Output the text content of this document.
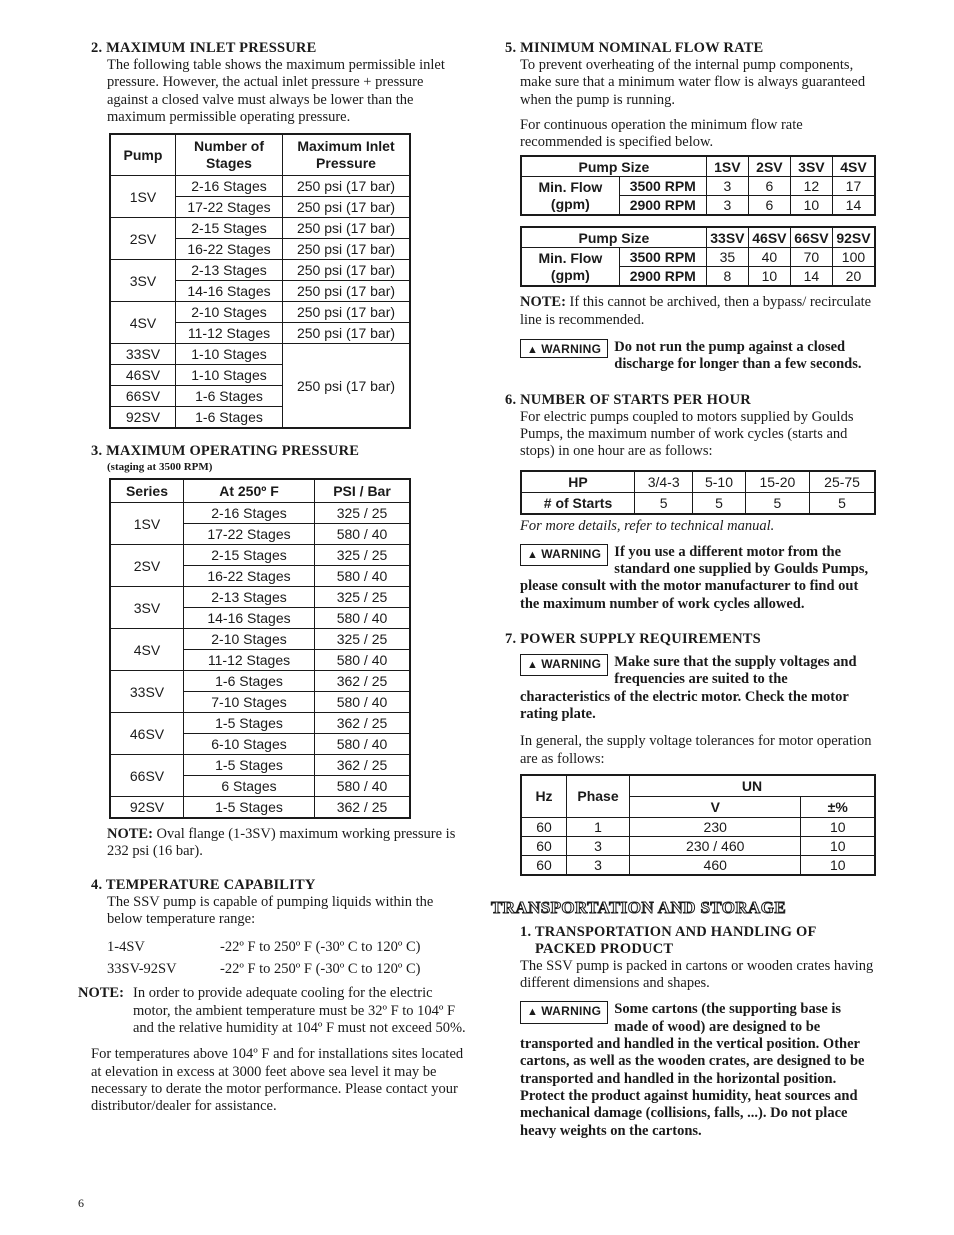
2. MAXIMUM INLET PRESSURE

The following table shows the maximum permissible inlet pressure. However, the actual inlet pressure + pressure against a closed valve must always be lower than the maximum permissible operating pressure.

Pump	Number of Stages	Maximum Inlet Pressure
1SV	2-16 Stages	250 psi (17 bar)
	17-22 Stages	250 psi (17 bar)
2SV	2-15 Stages	250 psi (17 bar)
	16-22 Stages	250 psi (17 bar)
3SV	2-13 Stages	250 psi (17 bar)
	14-16 Stages	250 psi (17 bar)
4SV	2-10 Stages	250 psi (17 bar)
	11-12 Stages	250 psi (17 bar)
33SV	1-10 Stages	250 psi (17 bar)
46SV	1-10 Stages	
66SV	1-6 Stages	
92SV	1-6 Stages	
3. MAXIMUM OPERATING PRESSURE

(staging at 3500 RPM)

Series	At 250º F	PSI / Bar
1SV	2-16 Stages	325 / 25
	17-22 Stages	580 / 40
2SV	2-15 Stages	325 / 25
	16-22 Stages	580 / 40
3SV	2-13 Stages	325 / 25
	14-16 Stages	580 / 40
4SV	2-10 Stages	325 / 25
	11-12 Stages	580 / 40
33SV	1-6 Stages	362 / 25
	7-10 Stages	580 / 40
46SV	1-5 Stages	362 / 25
	6-10 Stages	580 / 40
66SV	1-5 Stages	362 / 25
	6 Stages	580 / 40
92SV	1-5 Stages	362 / 25

NOTE: Oval flange (1-3SV) maximum working pressure is 232 psi (16 bar).

4. TEMPERATURE CAPABILITY

The SSV pump is capable of pumping liquids within the below temperature range:

1-4SV	-22º F to 250º F (-30º C to 120º C)
33SV-92SV	-22º F to 250º F (-30º C to 120º C)
NOTE: In order to provide adequate cooling for the electric motor, the ambient temperature must be 32º F to 104º F and the relative humidity at 104º F must not exceed 50%.

For temperatures above 104º F and for installations sites located at elevation in excess at 3000 feet above sea level it may be necessary to derate the motor performance. Please contact your distributor/dealer for assistance.

5. MINIMUM NOMINAL FLOW RATE

To prevent overheating of the internal pump components, make sure that a minimum water flow is always guaranteed when the pump is running.

For continuous operation the minimum flow rate recommended is specified below.

Pump Size		1SV	2SV	3SV	4SV
Min. Flow (gpm)	3500 RPM	3	6	12	17
	2900 RPM	3	6	10	14
Pump Size		33SV	46SV	66SV	92SV
Min. Flow (gpm)	3500 RPM	35	40	70	100
	2900 RPM	8	10	14	20

NOTE: If this cannot be archived, then a bypass/ recirculate line is recommended.

▲ WARNING Do not run the pump against a closed discharge for longer than a few seconds.
6. NUMBER OF STARTS PER HOUR

For electric pumps coupled to motors supplied by Goulds Pumps, the maximum number of work cycles (starts and stops) in one hour are as follows:

HP	3/4-3	5-10	15-20	25-75
# of Starts	5	5	5	5

For more details, refer to technical manual.

▲ WARNING If you use a different motor from the standard one supplied by Goulds Pumps, please consult with the motor manufacturer to find out the maximum number of work cycles allowed.
7. POWER SUPPLY REQUIREMENTS
▲ WARNING Make sure that the supply voltages and frequencies are suited to the characteristics of the electric motor. Check the motor rating plate.

In general, the supply voltage tolerances for motor operation are as follows:

Hz	Phase	UN	
		V	±%
60	1	230	10
60	3	230 / 460	10
60	3	460	10
TRANSPORTATION AND STORAGE
1. TRANSPORTATION AND HANDLING OF PACKED PRODUCT

The SSV pump is packed in cartons or wooden crates having different dimensions and shapes.

▲ WARNING Some cartons (the supporting base is made of wood) are designed to be transported and handled in the vertical position. Other cartons, as well as the wooden crates, are designed to be transported and handled in the horizontal position. Protect the product against humidity, heat sources and mechanical damage (collisions, falls, ...). Do not place heavy weights on the cartons.
6
